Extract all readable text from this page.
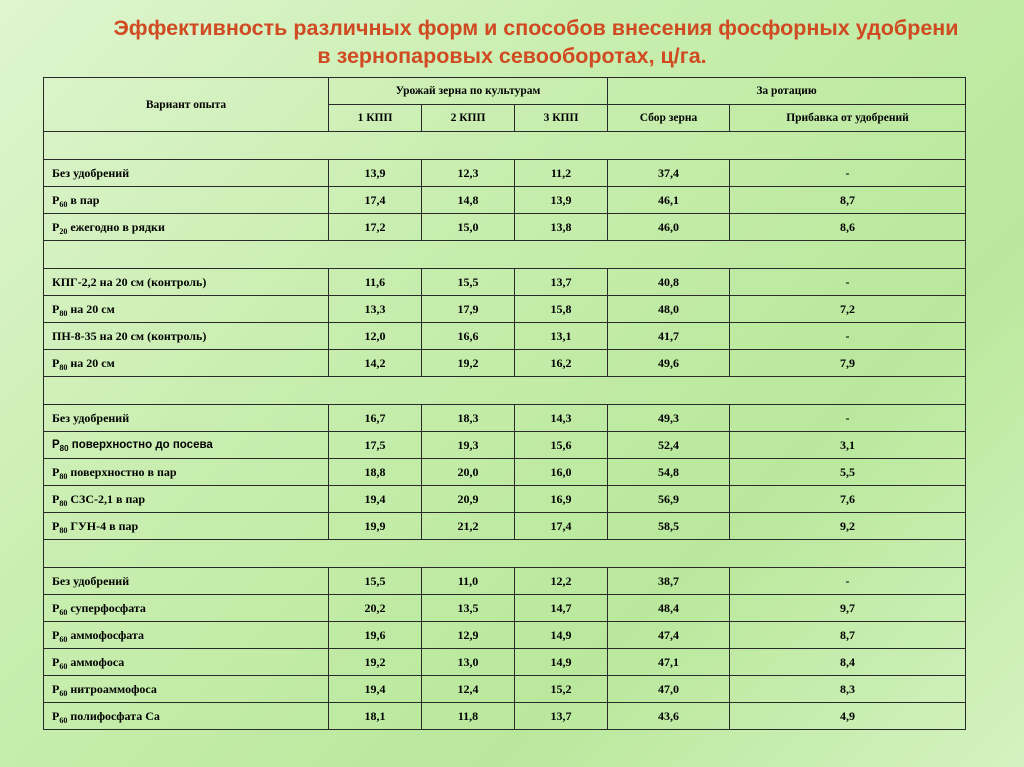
Эффективность различных форм и способов внесения фосфорных удобрени
в зернопаровых севооборотах, ц/га.
Вариант опыта	Урожай зерна по культурам			За ротацию	
	1 КПП	2 КПП	3 КПП	Сбор зерна	Прибавка от удобрений

Без удобрений	13,9	12,3	11,2	37,4	-
$Р_{60}$ в пар	17,4	14,8	13,9	46,1	8,7
$Р_{20}$ ежегодно в рядки	17,2	15,0	13,8	46,0	8,6

КПГ-2,2 на 20 см (контроль)	11,6	15,5	13,7	40,8	-
$Р_{80}$ на 20 см	13,3	17,9	15,8	48,0	7,2
ПН-8-35 на 20 см (контроль)	12,0	16,6	13,1	41,7	-
$Р_{80}$ на 20 см	14,2	19,2	16,2	49,6	7,9

Без удобрений	16,7	18,3	14,3	49,3	-
$Р_{80}$ поверхностно до посева	17,5	19,3	15,6	52,4	3,1
$Р_{80}$ поверхностно в пар	18,8	20,0	16,0	54,8	5,5
$Р_{80}$ СЗС-2,1 в пар	19,4	20,9	16,9	56,9	7,6
$Р_{80}$ ГУН-4 в пар	19,9	21,2	17,4	58,5	9,2

Без удобрений	15,5	11,0	12,2	38,7	-
$Р_{60}$ суперфосфата	20,2	13,5	14,7	48,4	9,7
$Р_{60}$ аммофосфата	19,6	12,9	14,9	47,4	8,7
$Р_{60}$ аммофоса	19,2	13,0	14,9	47,1	8,4
$Р_{60}$ нитроаммофоса	19,4	12,4	15,2	47,0	8,3
$Р_{60}$ полифосфата Са	18,1	11,8	13,7	43,6	4,9
